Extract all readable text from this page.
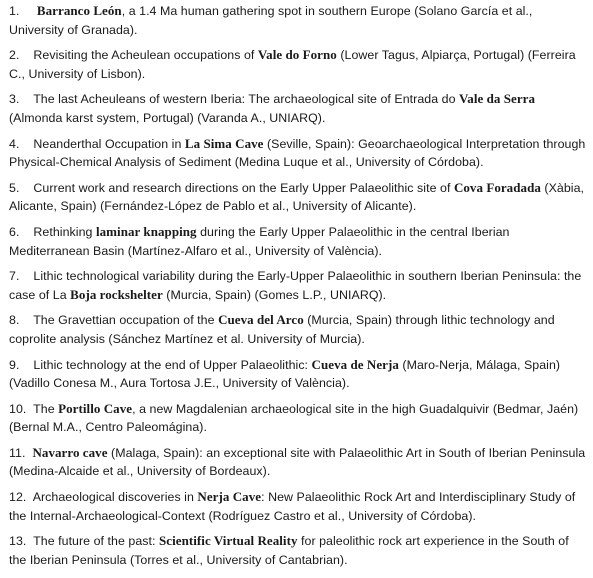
1. Barranco León, a 1.4 Ma human gathering spot in southern Europe (Solano García et al., University of Granada).

2. Revisiting the Acheulean occupations of Vale do Forno (Lower Tagus, Alpiarça, Portugal) (Ferreira C., University of Lisbon).

3. The last Acheuleans of western Iberia: The archaeological site of Entrada do Vale da Serra (Almonda karst system, Portugal) (Varanda A., UNIARQ).

4. Neanderthal Occupation in La Sima Cave (Seville, Spain): Geoarchaeological Interpretation through Physical-Chemical Analysis of Sediment (Medina Luque et al., University of Córdoba).

5. Current work and research directions on the Early Upper Palaeolithic site of Cova Foradada (Xàbia, Alicante, Spain) (Fernández-López de Pablo et al., University of Alicante).

6. Rethinking laminar knapping during the Early Upper Palaeolithic in the central Iberian Mediterranean Basin (Martínez-Alfaro et al., University of València).

7. Lithic technological variability during the Early-Upper Palaeolithic in southern Iberian Peninsula: the case of La Boja rockshelter (Murcia, Spain) (Gomes L.P., UNIARQ).

8. The Gravettian occupation of the Cueva del Arco (Murcia, Spain) through lithic technology and coprolite analysis (Sánchez Martínez et al. University of Murcia).

9. Lithic technology at the end of Upper Palaeolithic: Cueva de Nerja (Maro-Nerja, Málaga, Spain) (Vadillo Conesa M., Aura Tortosa J.E., University of València).

10. The Portillo Cave, a new Magdalenian archaeological site in the high Guadalquivir (Bedmar, Jaén) (Bernal M.A., Centro Paleomágina).

11. Navarro cave (Malaga, Spain): an exceptional site with Palaeolithic Art in South of Iberian Peninsula (Medina-Alcaide et al., University of Bordeaux).

12. Archaeological discoveries in Nerja Cave: New Palaeolithic Rock Art and Interdisciplinary Study of the Internal-Archaeological-Context (Rodríguez Castro et al., University of Córdoba).

13. The future of the past: Scientific Virtual Reality for paleolithic rock art experience in the South of the Iberian Peninsula (Torres et al., University of Cantabrian).
